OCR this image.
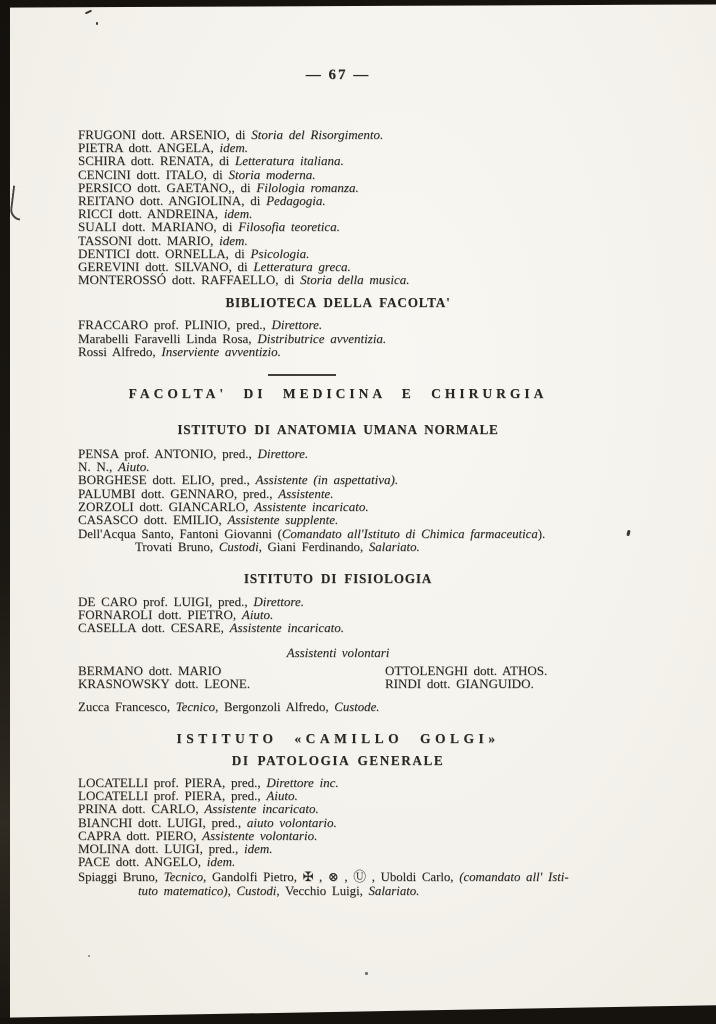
— 67 —
FRUGONI dott. ARSENIO, di Storia del Risorgimento.
PIETRA dott. ANGELA, idem.
SCHIRA dott. RENATA, di Letteratura italiana.
CENCINI dott. ITALO, di Storia moderna.
PERSICO dott. GAETANO,, di Filologia romanza.
REITANO dott. ANGIOLINA, di Pedagogia.
RICCI dott. ANDREINA, idem.
SUALI dott. MARIANO, di Filosofia teoretica.
TASSONI dott. MARIO, idem.
DENTICI dott. ORNELLA, di Psicologia.
GEREVINI dott. SILVANO, di Letteratura greca.
MONTEROSSÓ dott. RAFFAELLO, di Storia della musica.
BIBLIOTECA DELLA FACOLTA'
FRACCARO prof. PLINIO, pred., Direttore.
Marabelli Faravelli Linda Rosa, Distributrice avventizia.
Rossi Alfredo, Inserviente avventizio.
FACOLTA' DI MEDICINA E CHIRURGIA
ISTITUTO DI ANATOMIA UMANA NORMALE
PENSA prof. ANTONIO, pred., Direttore.
N. N., Aiuto.
BORGHESE dott. ELIO, pred., Assistente (in aspettativa).
PALUMBI dott. GENNARO, pred., Assistente.
ZORZOLI dott. GIANCARLO, Assistente incaricato.
CASASCO dott. EMILIO, Assistente supplente.
Dell'Acqua Santo, Fantoni Giovanni (Comandato all'Istituto di Chimica farmaceutica).
Trovati Bruno, Custodi, Giani Ferdinando, Salariato.
ISTITUTO DI FISIOLOGIA
DE CARO prof. LUIGI, pred., Direttore.
FORNAROLI dott. PIETRO, Aiuto.
CASELLA dott. CESARE, Assistente incaricato.
Assistenti volontari
BERMANO dott. MARIO
KRASNOWSKY dott. LEONE.
OTTOLENGHI dott. ATHOS.
RINDI dott. GIANGUIDO.
Zucca Francesco, Tecnico, Bergonzoli Alfredo, Custode.
ISTITUTO «CAMILLO GOLGI»
DI PATOLOGIA GENERALE
LOCATELLI prof. PIERA, pred., Direttore inc.
LOCATELLI prof. PIERA, pred., Aiuto.
PRINA dott. CARLO, Assistente incaricato.
BIANCHI dott. LUIGI, pred., aiuto volontario.
CAPRA dott. PIERO, Assistente volontario.
MOLINA dott. LUIGI, pred., idem.
PACE dott. ANGELO, idem.
Spiaggi Bruno, Tecnico, Gandolfi Pietro, ✠ , ⊗ , Ⓤ , Uboldi Carlo, (comandato all' Isti-
tuto matematico), Custodi, Vecchio Luigi, Salariato.
